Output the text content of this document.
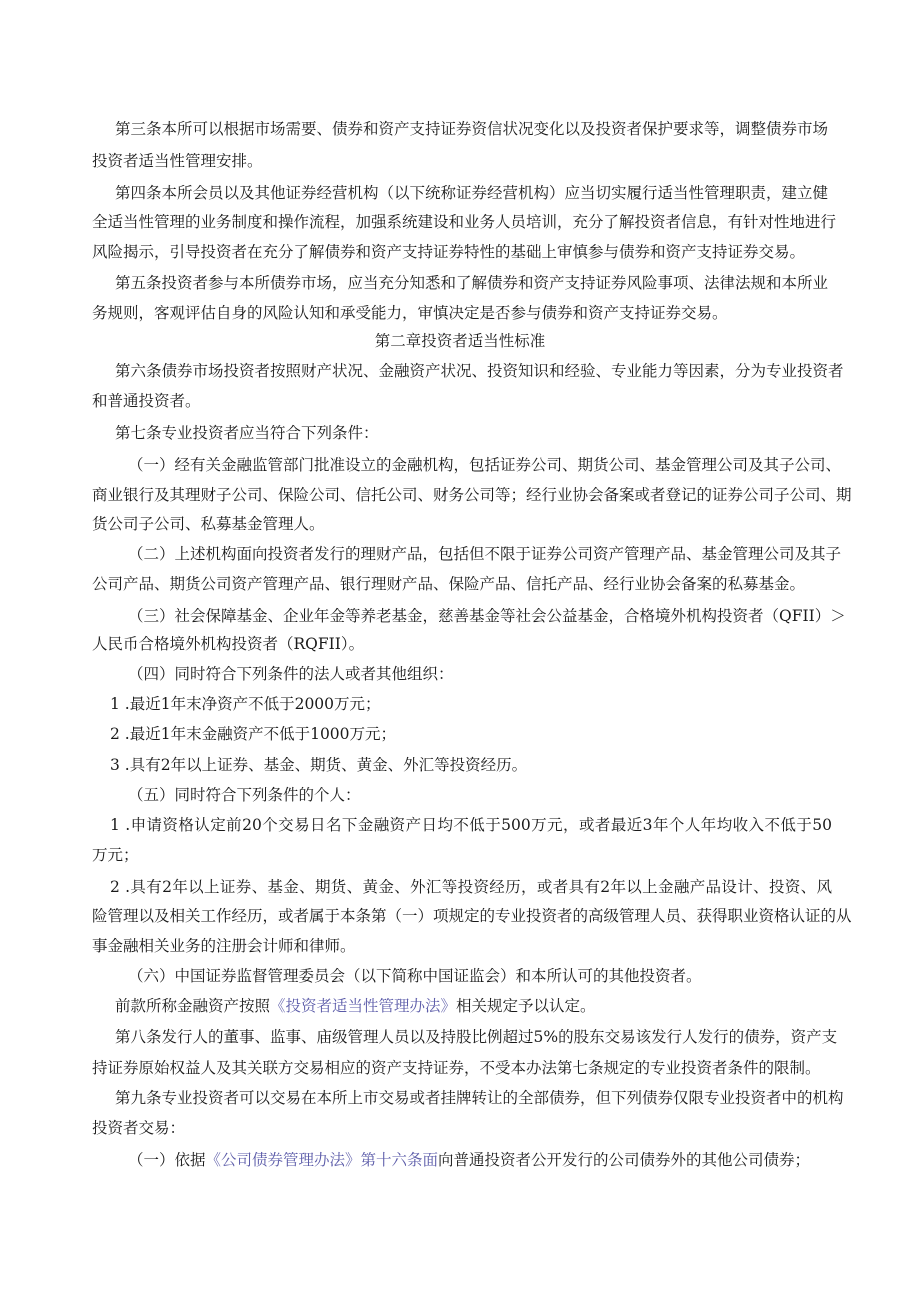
第三条本所可以根据市场需要、债券和资产支持证券资信状况变化以及投资者保护要求等，调整债券市场
投资者适当性管理安排。
第四条本所会员以及其他证券经营机构（以下统称证券经营机构）应当切实履行适当性管理职责，建立健
全适当性管理的业务制度和操作流程，加强系统建设和业务人员培训，充分了解投资者信息，有针对性地进行
风险揭示，引导投资者在充分了解债券和资产支持证券特性的基础上审慎参与债券和资产支持证券交易。
第五条投资者参与本所债券市场，应当充分知悉和了解债券和资产支持证券风险事项、法律法规和本所业
务规则，客观评估自身的风险认知和承受能力，审慎决定是否参与债券和资产支持证券交易。
第二章投资者适当性标准
第六条债券市场投资者按照财产状况、金融资产状况、投资知识和经验、专业能力等因素，分为专业投资者
和普通投资者。
第七条专业投资者应当符合下列条件：
（一）经有关金融监管部门批准设立的金融机构，包括证券公司、期货公司、基金管理公司及其子公司、
商业银行及其理财子公司、保险公司、信托公司、财务公司等；经行业协会备案或者登记的证券公司子公司、期
货公司子公司、私募基金管理人。
（二）上述机构面向投资者发行的理财产品，包括但不限于证券公司资产管理产品、基金管理公司及其子
公司产品、期货公司资产管理产品、银行理财产品、保险产品、信托产品、经行业协会备案的私募基金。
（三）社会保障基金、企业年金等养老基金，慈善基金等社会公益基金，合格境外机构投资者（QFII）＞
人民币合格境外机构投资者（RQFII）。
（四）同时符合下列条件的法人或者其他组织：
1 .最近1年末净资产不低于2000万元；
2 .最近1年末金融资产不低于1000万元；
3 .具有2年以上证券、基金、期货、黄金、外汇等投资经历。
（五）同时符合下列条件的个人：
1 .申请资格认定前20个交易日名下金融资产日均不低于500万元，或者最近3年个人年均收入不低于50
万元；
2 .具有2年以上证券、基金、期货、黄金、外汇等投资经历，或者具有2年以上金融产品设计、投资、风
险管理以及相关工作经历，或者属于本条第（一）项规定的专业投资者的高级管理人员、获得职业资格认证的从
事金融相关业务的注册会计师和律师。
（六）中国证券监督管理委员会（以下简称中国证监会）和本所认可的其他投资者。
前款所称金融资产按照《投资者适当性管理办法》相关规定予以认定。
第八条发行人的董事、监事、庙级管理人员以及持股比例超过5%的股东交易该发行人发行的债券，资产支
持证券原始权益人及其关联方交易相应的资产支持证券，不受本办法第七条规定的专业投资者条件的限制。
第九条专业投资者可以交易在本所上市交易或者挂牌转让的全部债券，但下列债券仅限专业投资者中的机构
投资者交易：
（一）依据《公司债券管理办法》第十六条面向普通投资者公开发行的公司债券外的其他公司债券；
